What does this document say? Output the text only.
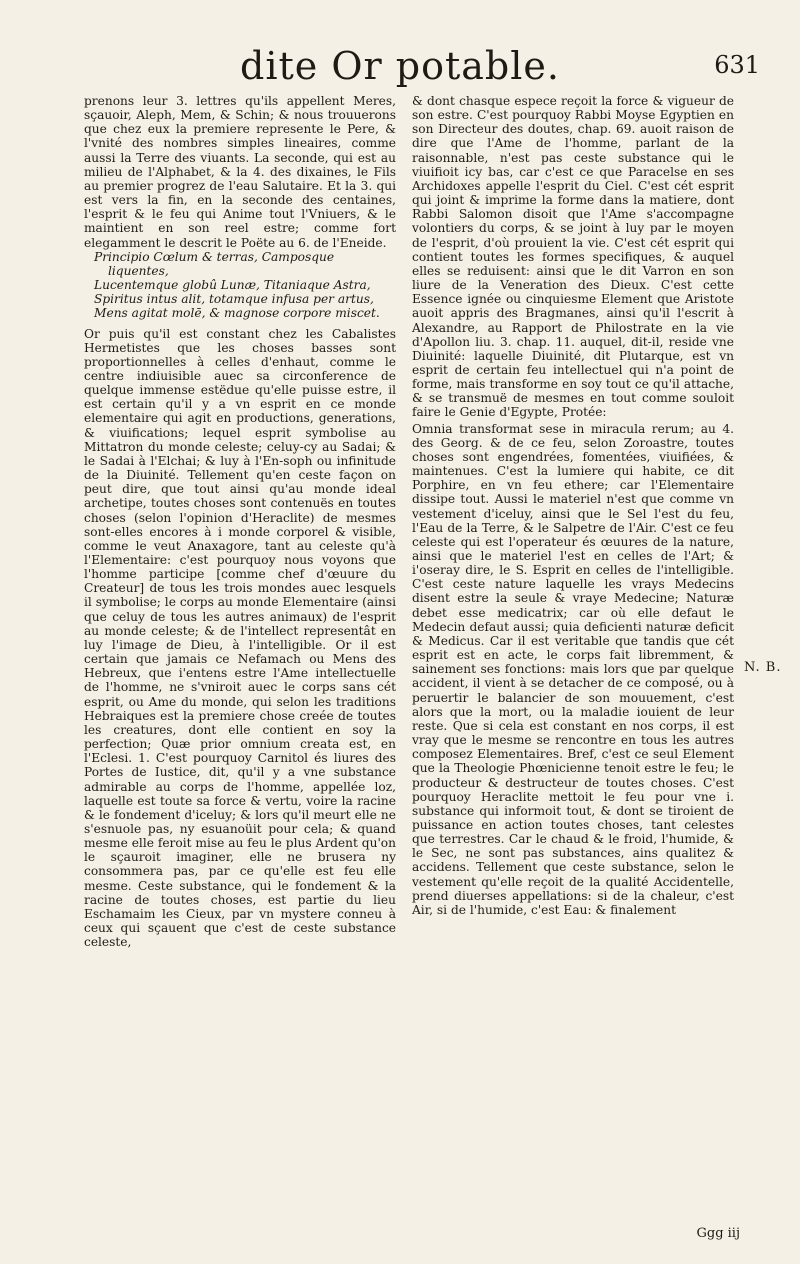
dite Or potable.	631

prenons leur 3. lettres qu'ils appellent Meres, sçauoir, Aleph, Mem, & Schin; & nous trouuerons que chez eux la premiere represente le Pere, & l'vnité des nombres simples lineaires, comme aussi la Terre des viuants. La seconde, qui est au milieu de l'Alphabet, & la 4. des dixaines, le Fils au premier progrez de l'eau Salutaire. Et la 3. qui est vers la fin, en la seconde des centaines, l'esprit & le feu qui Anime tout l'Vniuers, & le maintient en son reel estre; comme fort elegamment le descrit le Poëte au 6. de l'Eneide.

Principio Cœlum & terras, Camposque
liquentes,
Lucentemque globû Lunæ, Titaniaque Astra,
Spiritus intus alit, totamque infusa per artus,
Mens agitat molē, & magnose corpore miscet.

Or puis qu'il est constant chez les Cabalistes Hermetistes que les choses basses sont proportionnelles à celles d'enhaut, comme le centre indiuisible auec sa circonference de quelque immense estëdue qu'elle puisse estre, il est certain qu'il y a vn esprit en ce monde elementaire qui agit en productions, generations, & viuifications; lequel esprit symbolise au Mittatron du monde celeste; celuy-cy au Sadai; & le Sadai à l'Elchai; & luy à l'En-soph ou infinitude de la Diuinité. Tellement qu'en ceste façon on peut dire, que tout ainsi qu'au monde ideal archetipe, toutes choses sont contenuës en toutes choses (selon l'opinion d'Heraclite) de mesmes sont-elles encores à i monde corporel & visible, comme le veut Anaxagore, tant au celeste qu'à l'Elementaire: c'est pourquoy nous voyons que l'homme participe [comme chef d'œuure du Createur] de tous les trois mondes auec lesquels il symbolise; le corps au monde Elementaire (ainsi que celuy de tous les autres animaux) de l'esprit au monde celeste; & de l'intellect representât en luy l'image de Dieu, à l'intelligible. Or il est certain que jamais ce Nefamach ou Mens des Hebreux, que i'entens estre l'Ame intellectuelle de l'homme, ne s'vniroit auec le corps sans cét esprit, ou Ame du monde, qui selon les traditions Hebraiques est la premiere chose creée de toutes les creatures, dont elle contient en soy la perfection; Quæ prior omnium creata est, en l'Eclesi. 1. C'est pourquoy Carnitol és liures des Portes de Iustice, dit, qu'il y a vne substance admirable au corps de l'homme, appellée loz, laquelle est toute sa force & vertu, voire la racine & le fondement d'iceluy; & lors qu'il meurt elle ne s'esnuole pas, ny esuanoüit pour cela; & quand mesme elle feroit mise au feu le plus Ardent qu'on le sçauroit imaginer, elle ne brusera ny consommera pas, par ce qu'elle est feu elle mesme. Ceste substance, qui le fondement & la racine de toutes choses, est partie du lieu Eschamaim les Cieux, par vn mystere conneu à ceux qui sçauent que c'est de ceste substance celeste,

& dont chasque espece reçoit la force & vigueur de son estre. C'est pourquoy Rabbi Moyse Egyptien en son Directeur des doutes, chap. 69. auoit raison de dire que l'Ame de l'homme, parlant de la raisonnable, n'est pas ceste substance qui le viuifioit icy bas, car c'est ce que Paracelse en ses Archidoxes appelle l'esprit du Ciel. C'est cét esprit qui joint & imprime la forme dans la matiere, dont Rabbi Salomon disoit que l'Ame s'accompagne volontiers du corps, & se joint à luy par le moyen de l'esprit, d'où prouient la vie. C'est cét esprit qui contient toutes les formes specifiques, & auquel elles se reduisent: ainsi que le dit Varron en son liure de la Veneration des Dieux. C'est cette Essence ignée ou cinquiesme Element que Aristote auoit appris des Bragmanes, ainsi qu'il l'escrit à Alexandre, au Rapport de Philostrate en la vie d'Apollon liu. 3. chap. 11. auquel, dit-il, reside vne Diuinité: laquelle Diuinité, dit Plutarque, est vn esprit de certain feu intellectuel qui n'a point de forme, mais transforme en soy tout ce qu'il attache, & se transmuë de mesmes en tout comme souloit faire le Genie d'Egypte, Protée:

Omnia transformat sese in miracula rerum; au 4. des Georg. & de ce feu, selon Zoroastre, toutes choses sont engendrées, fomentées, viuifiées, & maintenues. C'est la lumiere qui habite, ce dit Porphire, en vn feu ethere; car l'Elementaire dissipe tout. Aussi le materiel n'est que comme vn vestement d'iceluy, ainsi que le Sel l'est du feu, l'Eau de la Terre, & le Salpetre de l'Air. C'est ce feu celeste qui est l'operateur és œuures de la nature, ainsi que le materiel l'est en celles de l'Art; & i'oseray dire, le S. Esprit en celles de l'intelligible. C'est ceste nature laquelle les vrays Medecins disent estre la seule & vraye Medecine; Naturæ debet esse medicatrix; car où elle defaut le Medecin defaut aussi; quia deficienti naturæ deficit & Medicus. Car il est veritable que tandis que cét esprit est en acte, le corps fait libremment, & sainement ses fonctions: mais lors que par quelque accident, il vient à se detacher de ce composé, ou à peruertir le balancier de son mouuement, c'est alors que la mort, ou la maladie iouient de leur reste. Que si cela est constant en nos corps, il est vray que le mesme se rencontre en tous les autres composez Elementaires. Bref, c'est ce seul Element que la Theologie Phœnicienne tenoit estre le feu; le producteur & destructeur de toutes choses. C'est pourquoy Heraclite mettoit le feu pour vne i. substance qui informoit tout, & dont se tiroient de puissance en action toutes choses, tant celestes que terrestres. Car le chaud & le froid, l'humide, & le Sec, ne sont pas substances, ains qualitez & accidens. Tellement que ceste substance, selon le vestement qu'elle reçoit de la qualité Accidentelle, prend diuerses appellations: si de la chaleur, c'est Air, si de l'humide, c'est Eau: & finalement

N. B.
Ggg iij
